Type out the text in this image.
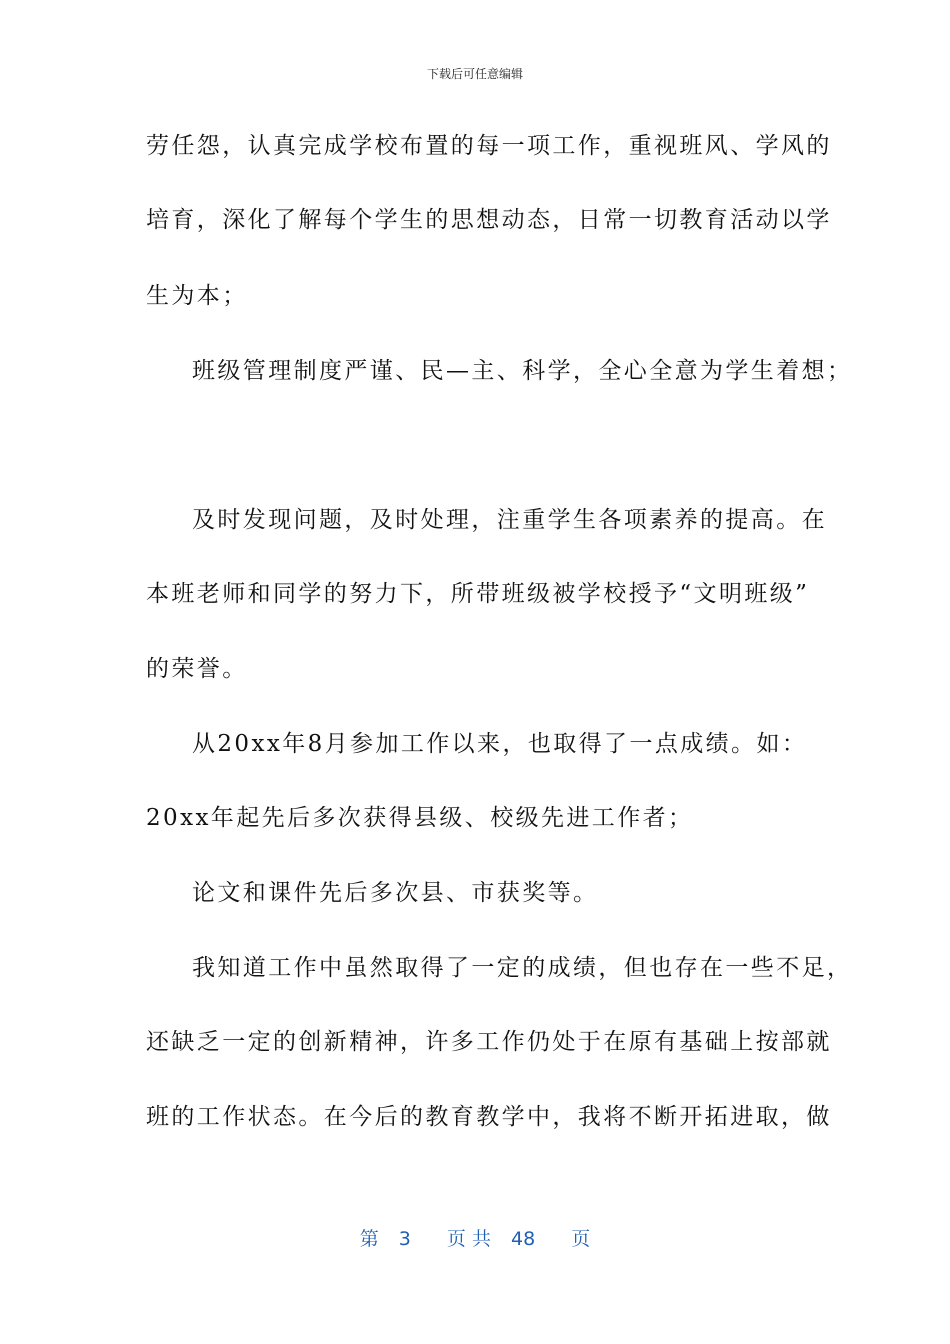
下载后可任意编辑
劳任怨，认真完成学校布置的每一项工作，重视班风、学风的
培育，深化了解每个学生的思想动态，日常一切教育活动以学
生为本；
班级管理制度严谨、民—主、科学，全心全意为学生着想；
及时发现问题，及时处理，注重学生各项素养的提高。在
本班老师和同学的努力下，所带班级被学校授予“文明班级”
的荣誉。
从20xx年8月参加工作以来，也取得了一点成绩。如：
20xx年起先后多次获得县级、校级先进工作者；
论文和课件先后多次县、市获奖等。
我知道工作中虽然取得了一定的成绩，但也存在一些不足，
还缺乏一定的创新精神，许多工作仍处于在原有基础上按部就
班的工作状态。在今后的教育教学中，我将不断开拓进取，做
第 3 页 共 48 页
